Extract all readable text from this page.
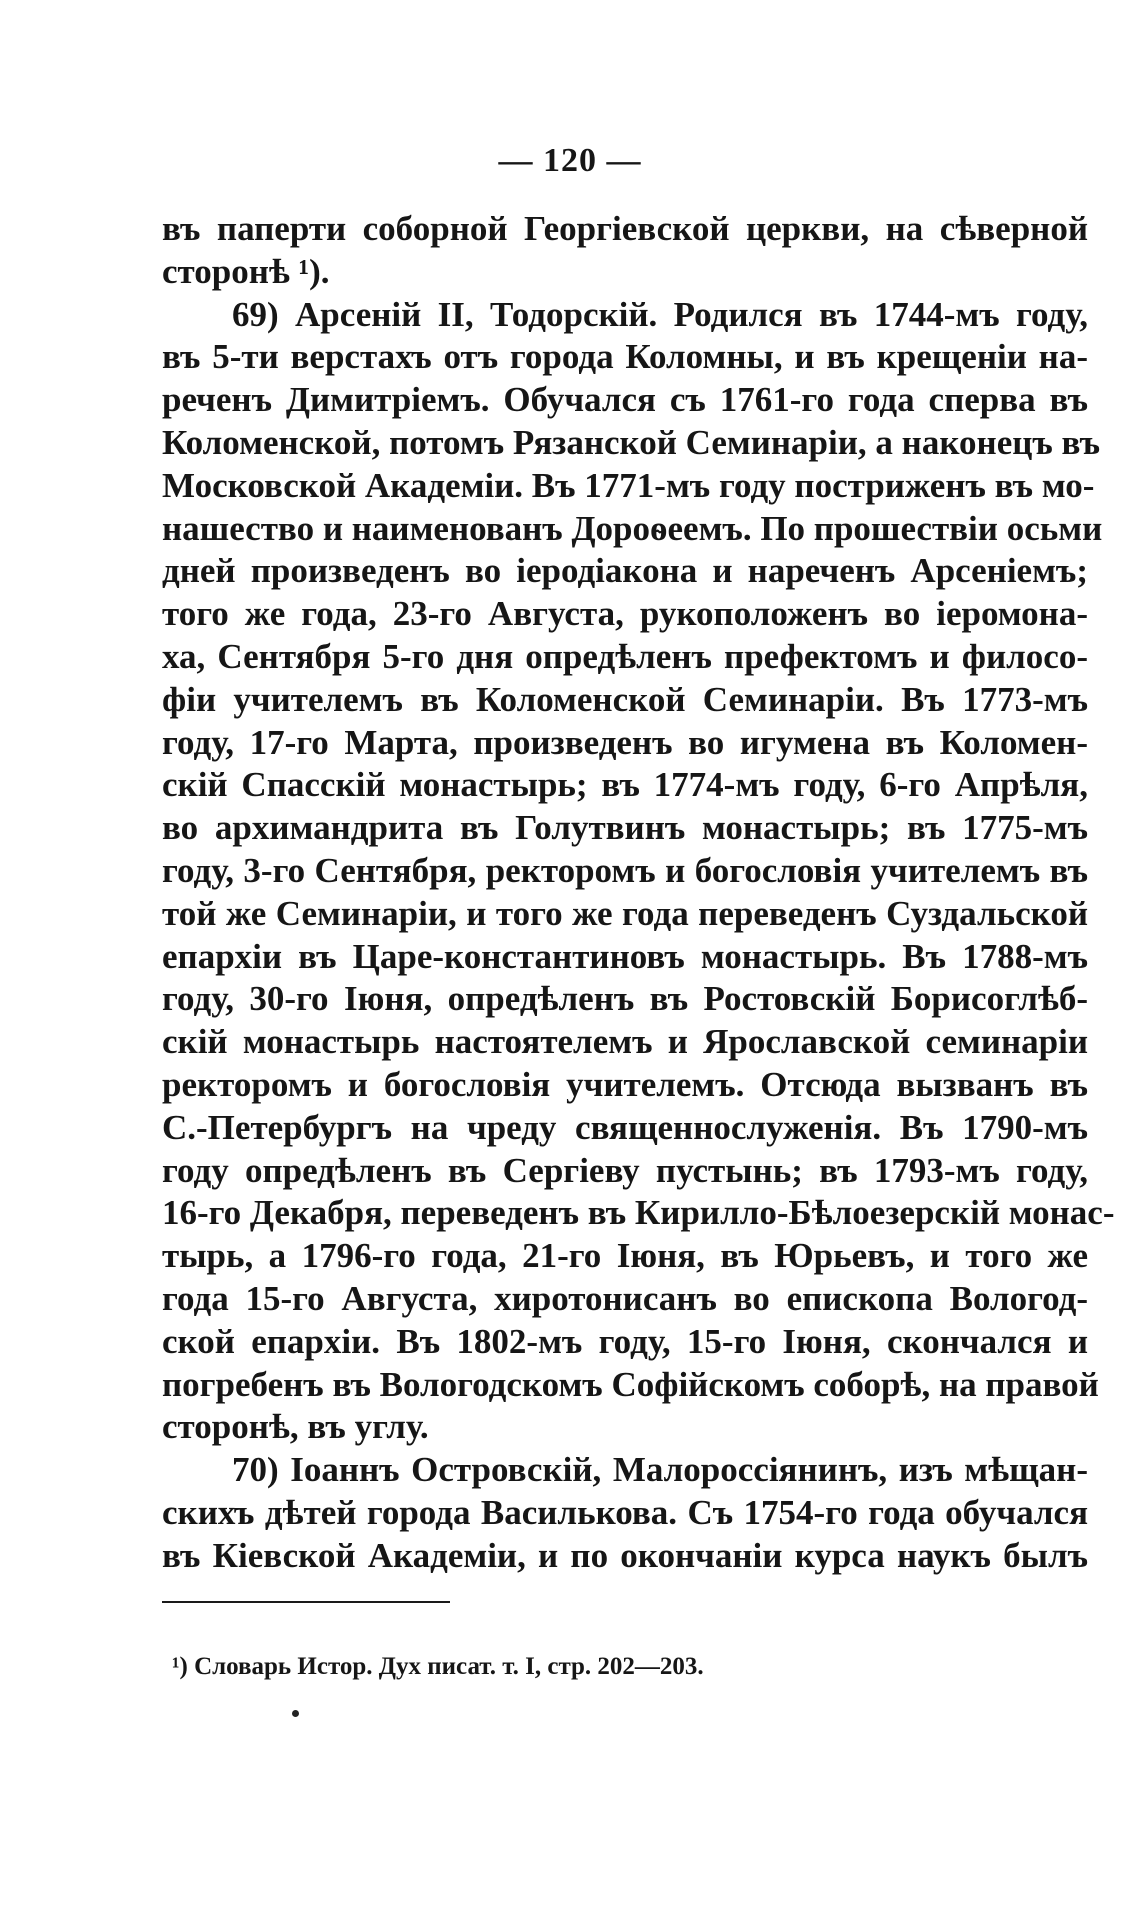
— 120 —
въ паперти соборной Георгіевской церкви, на сѣверной
сторонѣ ¹).
69) Арсеній II, Тодорскій. Родился въ 1744-мъ году,
въ 5-ти верстахъ отъ города Коломны, и въ крещеніи на-
реченъ Димитріемъ. Обучался съ 1761-го года сперва въ
Коломенской, потомъ Рязанской Семинаріи, а наконецъ въ
Московской Академіи. Въ 1771-мъ году постриженъ въ мо-
нашество и наименованъ Дороѳеемъ. По прошествіи осьми
дней произведенъ во іеродіакона и нареченъ Арсеніемъ;
того же года, 23-го Августа, рукоположенъ во іеромона-
ха, Сентября 5-го дня опредѣленъ префектомъ и филосо-
фіи учителемъ въ Коломенской Семинаріи. Въ 1773-мъ
году, 17-го Марта, произведенъ во игумена въ Коломен-
скій Спасскій монастырь; въ 1774-мъ году, 6-го Апрѣля,
во архимандрита въ Голутвинъ монастырь; въ 1775-мъ
году, 3-го Сентября, ректоромъ и богословія учителемъ въ
той же Семинаріи, и того же года переведенъ Суздальской
епархіи въ Царе-константиновъ монастырь. Въ 1788-мъ
году, 30-го Іюня, опредѣленъ въ Ростовскій Борисоглѣб-
скій монастырь настоятелемъ и Ярославской семинаріи
ректоромъ и богословія учителемъ. Отсюда вызванъ въ
С.-Петербургъ на чреду священнослуженія. Въ 1790-мъ
году опредѣленъ въ Сергіеву пустынь; въ 1793-мъ году,
16-го Декабря, переведенъ въ Кирилло-Бѣлоезерскій монас-
тырь, а 1796-го года, 21-го Іюня, въ Юрьевъ, и того же
года 15-го Августа, хиротонисанъ во епископа Вологод-
ской епархіи. Въ 1802-мъ году, 15-го Іюня, скончался и
погребенъ въ Вологодскомъ Софійскомъ соборѣ, на правой
сторонѣ, въ углу.
70) Іоаннъ Островскій, Малороссіянинъ, изъ мѣщан-
скихъ дѣтей города Василькова. Съ 1754-го года обучался
въ Кіевской Академіи, и по окончаніи курса наукъ былъ
¹) Словарь Истор. Дух писат. т. I, стр. 202—203.
